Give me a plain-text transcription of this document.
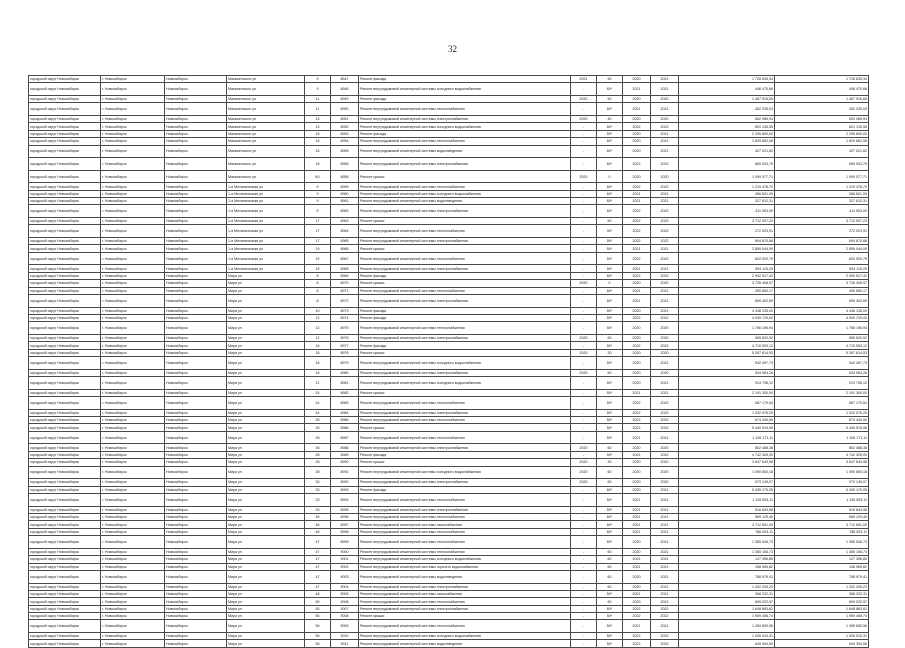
32
городской округ Новосибирск	г. Новосибирск	Новосибирск	Магаженского ул	9	8547	Ремонт фасада	2021	50	2020	2021	1 728 635,34	1 728 635,34
городской округ Новосибирск	г. Новосибирск	Новосибирск	Магаженского ул	9	8948	Ремонт внутридомовой инженерной системы холодного водоснабжения	-	60*	2021	2021	446 470,66	446 470,66
городской округ Новосибирск	г. Новосибирск	Новосибирск	Магаженского ул	11	8949	Ремонт фасада	2020	50	2020	2020	1 467 916,65	1 467 916,65
городской округ Новосибирск	г. Новосибирск	Новосибирск	Магаженского ул	11	8950	Ремонт внутридомовой инженерной системы теплоснабжения	-	60*	2021	2021	452 235,03	452 235,03
городской округ Новосибирск	г. Новосибирск	Новосибирск	Магаженского ул	13	8951	Ремонт внутридомовой инженерной системы электроснабжения	2020	40	2020	2020	652 985,94	652 985,94
городской округ Новосибирск	г. Новосибирск	Новосибирск	Магаженского ул	13	8952	Ремонт внутридомовой инженерной системы холодного водоснабжения	-	60*	2022	2022	601 135,55	601 135,55
городской округ Новосибирск	г. Новосибирск	Новосибирск	Магаженского ул	15	8953	Ремонт фасада	-	50*	2020	2021	2 295 800,00	2 295 800,00
городской округ Новосибирск	г. Новосибирск	Новосибирск	Магаженского ул	15	8954	Ремонт внутридомовой инженерной системы теплоснабжения	-	60*	2020	2021	1 829 662,08	1 829 662,08
городской округ Новосибирск	г. Новосибирск	Новосибирск	Магаженского ул	16	8955	Ремонт внутридомовой инженерной системы водоотведения	-	60*	2020	2021	427 021,62	427 021,62
городской округ Новосибирск	г. Новосибирск	Новосибирск	Магаженского ул	16	8956	Ремонт внутридомовой инженерной системы электроснабжения	-	60*	2022	2022	659 003,79	659 003,79
городской округ Новосибирск	г. Новосибирск	Новосибирск	Магаженского ул	9/1	8958	Ремонт крыши	2020	0	2020	2020	1 099 577,71	1 099 577,71
городской округ Новосибирск	г. Новосибирск	Новосибирск	1-я Механическая ул	9	8959	Ремонт внутридомовой инженерной системы теплоснабжения	-	60*	2022	2022	1 219 478,70	1 219 478,70
городской округ Новосибирск	г. Новосибирск	Новосибирск	1-я Механическая ул	9	8960	Ремонт внутридомовой инженерной системы холодного водоснабжения	-	60*	2021	2021	266 601,09	266 601,09
городской округ Новосибирск	г. Новосибирск	Новосибирск	1-я Механическая ул	9	8961	Ремонт внутридомовой инженерной системы водоотведения	-	60*	2021	2021	327 612,31	327 612,31
городской округ Новосибирск	г. Новосибирск	Новосибирск	1-я Механическая ул	9	8962	Ремонт внутридомовой инженерной системы электроснабжения	-	60*	2022	2022	411 903,00	411 903,00
городской округ Новосибирск	г. Новосибирск	Новосибирск	1-я Механическая ул	17	8963	Ремонт крыши	-	60	2022	2022	3 712 007,23	3 712 007,23
городской округ Новосибирск	г. Новосибирск	Новосибирск	1-я Механическая ул	17	8964	Ремонт внутридомовой инженерной системы теплоснабжения	-	30*	2022	2022	272 023,91	272 023,91
городской округ Новосибирск	г. Новосибирск	Новосибирск	1-я Механическая ул	17	8965	Ремонт внутридомовой инженерной системы электроснабжения	-	50*	2022	2022	694 870,88	694 870,88
городской округ Новосибирск	г. Новосибирск	Новосибирск	1-я Механическая ул	19	8966	Ремонт крыши	-	50*	2021	2021	2 859 044,09	2 859 044,09
городской округ Новосибирск	г. Новосибирск	Новосибирск	1-я Механическая ул	19	8967	Ремонт внутридомовой инженерной системы теплоснабжения	-	50*	2022	2022	602 920,79	602 920,79
городской округ Новосибирск	г. Новосибирск	Новосибирск	1-я Механическая ул	19	8968	Ремонт внутридомовой инженерной системы электроснабжения	-	50*	2021	2021	594 115,29	594 115,29
городской округ Новосибирск	г. Новосибирск	Новосибирск	Мира ул	8	8969	Ремонт фасада	-	60*	2022	2022	2 992 917,42	2 992 917,42
городской округ Новосибирск	г. Новосибирск	Новосибирск	Мира ул	8	8970	Ремонт крыши	2020	0	2020	2020	3 726 408,57	3 726 408,57
городской округ Новосибирск	г. Новосибирск	Новосибирск	Мира ул	8	8971	Ремонт внутридомовой инженерной системы теплоснабжения	-	60*	2021	2021	459 650,17	459 650,17
городской округ Новосибирск	г. Новосибирск	Новосибирск	Мира ул	8	8972	Ремонт внутридомовой инженерной системы электроснабжения	-	60*	2021	2021	659 402,65	659 402,65
городской округ Новосибирск	г. Новосибирск	Новосибирск	Мира ул	10	8973	Ремонт фасада	-	50*	2020	2021	4 438 135,00	4 438 135,00
городской округ Новосибирск	г. Новосибирск	Новосибирск	Мира ул	12	8974	Ремонт фасада	-	50*	2022	2022	4 949 720,00	4 949 720,00
городской округ Новосибирск	г. Новосибирск	Новосибирск	Мира ул	12	8975	Ремонт внутридомовой инженерной системы теплоснабжения	-	50*	2020	2020	1 766 196,94	1 766 196,94
городской округ Новосибирск	г. Новосибирск	Новосибирск	Мира ул	12	8976	Ремонт внутридомовой инженерной системы электроснабжения	2020	60	2020	2020	965 620,92	965 620,92
городской округ Новосибирск	г. Новосибирск	Новосибирск	Мира ул	16	8977	Ремонт фасада	-	50*	2022	2022	4 710 593,12	4 710 593,12
городской округ Новосибирск	г. Новосибирск	Новосибирск	Мира ул	18	8978	Ремонт крыши	2020	30	2020	2020	5 267 614,53	5 267 614,53
городской округ Новосибирск	г. Новосибирск	Новосибирск	Мира ул	18	8979	Ремонт внутридомовой инженерной системы холодного водоснабжения	-	50*	2020	2021	942 497,73	942 497,73
городской округ Новосибирск	г. Новосибирск	Новосибирск	Мира ул	18	8980	Ремонт внутридомовой инженерной системы электроснабжения	2020	60	2020	2020	534 964,26	534 964,26
городской округ Новосибирск	г. Новосибирск	Новосибирск	Мира ул	21	8981	Ремонт внутридомовой инженерной системы холодного водоснабжения	-	50*	2020	2021	913 798,12	913 798,12
городской округ Новосибирск	г. Новосибирск	Новосибирск	Мира ул	24	8982	Ремонт крыши	-	50*	2021	2021	2 191 300,00	2 191 300,00
городской округ Новосибирск	г. Новосибирск	Новосибирск	Мира ул	24	8983	Ремонт внутридомовой инженерной системы теплоснабжения	-	50*	2022	2022	687 179,54	687 179,54
городской округ Новосибирск	г. Новосибирск	Новосибирск	Мира ул	24	8984	Ремонт внутридомовой инженерной системы электроснабжения	-	50*	2022	2022	1 032 076,25	1 032 076,25
городской округ Новосибирск	г. Новосибирск	Новосибирск	Мира ул	26	8985	Ремонт внутридомовой инженерной системы теплоснабжения	-	50*	2022	2022	674 440,50	674 440,50
городской округ Новосибирск	г. Новосибирск	Новосибирск	Мира ул	26	8986	Ремонт крыши	-	50*	2022	2022	5 449 519,96	5 449 519,96
городской округ Новосибирск	г. Новосибирск	Новосибирск	Мира ул	26	8987	Ремонт внутридомовой инженерной системы теплоснабжения	-	50*	2021	2021	1 106 171,11	1 106 171,11
городской округ Новосибирск	г. Новосибирск	Новосибирск	Мира ул	26	8988	Ремонт внутридомовой инженерной системы электроснабжения	2020	60	2020	2020	802 488,38	802 488,38
городской округ Новосибирск	г. Новосибирск	Новосибирск	Мира ул	28	8989	Ремонт фасада	-	50*	2021	2022	4 742 325,00	4 742 325,00
городской округ Новосибирск	г. Новосибирск	Новосибирск	Мира ул	28	8990	Ремонт крыши	2020	30	2020	2020	3 647 643,98	3 647 643,98
городской округ Новосибирск	г. Новосибирск	Новосибирск	Мира ул	28	8991	Ремонт внутридомовой инженерной системы холодного водоснабжения	2020	60	2020	2020	1 090 800,18	1 090 800,18
городской округ Новосибирск	г. Новосибирск	Новосибирск	Мира ул	30	8992	Ремонт внутридомовой инженерной системы электроснабжения	2020	60	2020	2020	973 149,07	973 149,07
городской округ Новосибирск	г. Новосибирск	Новосибирск	Мира ул	33	8993	Ремонт фасада	-	60*	2020	2021	5 435 179,05	5 435 179,05
городской округ Новосибирск	г. Новосибирск	Новосибирск	Мира ул	33	8994	Ремонт внутридомовой инженерной системы теплоснабжения	-	50*	2021	2021	1 135 593,11	1 135 593,11
городской округ Новосибирск	г. Новосибирск	Новосибирск	Мира ул	33	8995	Ремонт внутридомовой инженерной системы электроснабжения	-	50*	2021	2021	516 843,98	516 843,98
городской округ Новосибирск	г. Новосибирск	Новосибирск	Мира ул	45	8996	Ремонт внутридомовой инженерной системы теплоснабжения	-	60*	2021	2021	569 129,40	569 129,40
городской округ Новосибирск	г. Новосибирск	Новосибирск	Мира ул	46	8997	Ремонт внутридомовой инженерной системы газоснабжения	-	60*	2021	2021	3 712 651,00	3 712 651,00
городской округ Новосибирск	г. Новосибирск	Новосибирск	Мира ул	46	8998	Ремонт внутридомовой инженерной системы теплоснабжения	-	60*	2021	2021	786 003,11	786 003,11
городской округ Новосибирск	г. Новосибирск	Новосибирск	Мира ул	47	8999	Ремонт внутридомовой инженерной системы теплоснабжения	-	60*	2020	2021	1 365 546,73	1 365 546,73
городской округ Новосибирск	г. Новосибирск	Новосибирск	Мира ул	47	9000	Ремонт внутридомовой инженерной системы теплоснабжения	-	60	2020	2021	1 365 106,73	1 365 106,73
городской округ Новосибирск	г. Новосибирск	Новосибирск	Мира ул	47	9001	Ремонт внутридомовой инженерной системы холодного водоснабжения	-	60	2021	2021	127 396,80	127 396,80
городской округ Новосибирск	г. Новосибирск	Новосибирск	Мира ул	47	9002	Ремонт внутридомовой инженерной системы горячего водоснабжения	-	60	2021	2021	158 965,82	158 965,82
городской округ Новосибирск	г. Новосибирск	Новосибирск	Мира ул	47	9003	Ремонт внутридомовой инженерной системы водоотведения	-	60	2020	2021	788 979,41	788 979,41
городской округ Новосибирск	г. Новосибирск	Новосибирск	Мира ул	47	9004	Ремонт внутридомовой инженерной системы электроснабжения	-	60	2020	2021	1 202 205,23	1 202 205,23
городской округ Новосибирск	г. Новосибирск	Новосибирск	Мира ул	48	9005	Ремонт внутридомовой инженерной системы газоснабжения	-	50*	2021	2021	368 332,31	368 332,31
городской округ Новосибирск	г. Новосибирск	Новосибирск	Мира ул	50	9006	Ремонт внутридомовой инженерной системы теплоснабжения	-	60	2020	2021	609 022,97	609 022,97
городской округ Новосибирск	г. Новосибирск	Новосибирск	Мира ул	50	9007	Ремонт внутридомовой инженерной системы электроснабжения	-	60*	2022	2022	1 648 883,62	1 648 883,62
городской округ Новосибирск	г. Новосибирск	Новосибирск	Мира ул	56	9008	Ремонт крыши	-	50*	2022	2022	1 959 456,74	1 959 456,74
городской округ Новосибирск	г. Новосибирск	Новосибирск	Мира ул	56	9009	Ремонт внутридомовой инженерной системы теплоснабжения	-	50*	2021	2021	1 459 650,56	1 459 650,56
городской округ Новосибирск	г. Новосибирск	Новосибирск	Мира ул	56	9010	Ремонт внутридомовой инженерной системы холодного водоснабжения	-	50*	2022	2022	1 026 010,31	1 026 010,31
городской округ Новосибирск	г. Новосибирск	Новосибирск	Мира ул	56	9011	Ремонт внутридомовой инженерной системы водоотведения	-	50*	2022	2022	649 394,50	649 394,50
